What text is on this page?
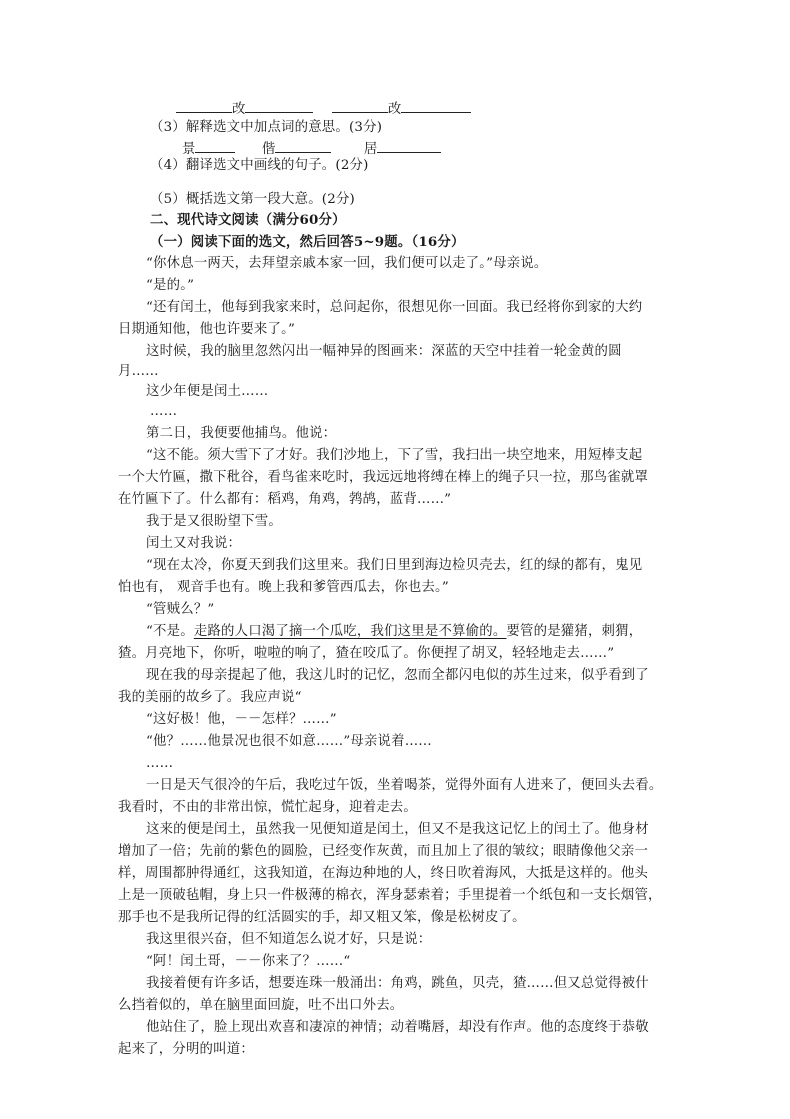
改	改
（3）解释选文中加点词的意思。(3分)
景	偕	居
（4）翻译选文中画线的句子。(2分)
（5）概括选文第一段大意。(2分)
二、现代诗文阅读（满分60分）
（一）阅读下面的选文，然后回答5~9题。（16分）
“你休息一两天，去拜望亲戚本家一回，我们便可以走了。”母亲说。
“是的。”
“还有闰土，他每到我家来时，总问起你，很想见你一回面。我已经将你到家的大约
日期通知他，他也许要来了。”
这时候，我的脑里忽然闪出一幅神异的图画来：深蓝的天空中挂着一轮金黄的圆
月……
这少年便是闰土……
……
第二日，我便要他捕鸟。他说：
“这不能。须大雪下了才好。我们沙地上，下了雪，我扫出一块空地来，用短棒支起
一个大竹匾，撒下秕谷，看鸟雀来吃时，我远远地将缚在棒上的绳子只一拉，那鸟雀就罩
在竹匾下了。什么都有：稻鸡，角鸡，鹁鸪，蓝背……”
我于是又很盼望下雪。
闰土又对我说：
“现在太冷，你夏天到我们这里来。我们日里到海边检贝壳去，红的绿的都有，鬼见
怕也有， 观音手也有。晚上我和爹管西瓜去，你也去。”
“管贼么？”
“不是。走路的人口渴了摘一个瓜吃，我们这里是不算偷的。要管的是獾猪，刺猬，
猹。月亮地下，你听，啦啦的响了，猹在咬瓜了。你便捏了胡叉，轻轻地走去……”
现在我的母亲提起了他，我这儿时的记忆，忽而全都闪电似的苏生过来，似乎看到了
我的美丽的故乡了。我应声说“
“这好极！他，－－怎样？……”
“他？……他景况也很不如意……”母亲说着……
……
一日是天气很冷的午后，我吃过午饭，坐着喝茶，觉得外面有人进来了，便回头去看。
我看时，不由的非常出惊，慌忙起身，迎着走去。
这来的便是闰土，虽然我一见便知道是闰土，但又不是我这记忆上的闰土了。他身材
增加了一倍；先前的紫色的圆脸，已经变作灰黄，而且加上了很的皱纹；眼睛像他父亲一
样，周围都肿得通红，这我知道，在海边种地的人，终日吹着海风，大抵是这样的。他头
上是一顶破毡帽，身上只一件极薄的棉衣，浑身瑟索着；手里提着一个纸包和一支长烟管，
那手也不是我所记得的红活圆实的手，却又粗又笨，像是松树皮了。
我这里很兴奋，但不知道怎么说才好，只是说：
“阿！闰土哥，－－你来了？……“
我接着便有许多话，想要连珠一般涌出：角鸡，跳鱼，贝壳，猹……但又总觉得被什
么挡着似的，单在脑里面回旋，吐不出口外去。
他站住了，脸上现出欢喜和凄凉的神情；动着嘴唇，却没有作声。他的态度终于恭敬
起来了，分明的叫道：
